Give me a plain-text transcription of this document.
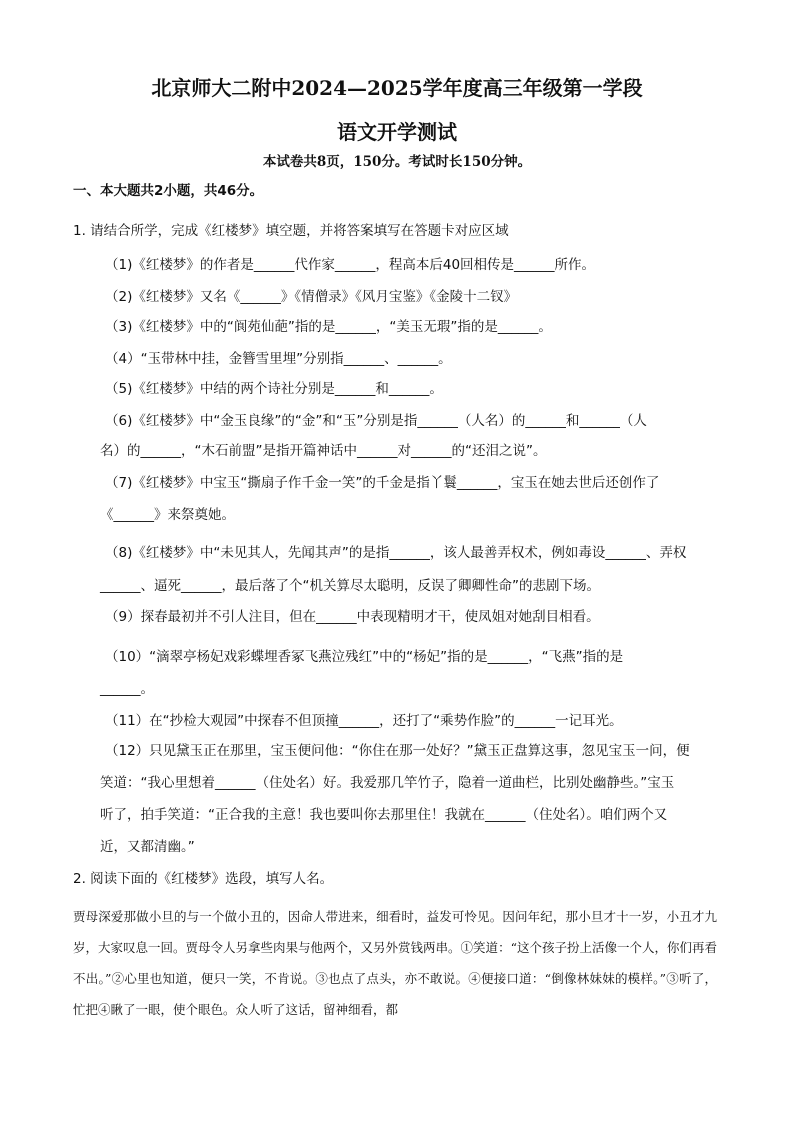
北京师大二附中2024—2025学年度高三年级第一学段
语文开学测试
本试卷共8页，150分。考试时长150分钟。
一、本大题共2小题，共46分。
1. 请结合所学，完成《红楼梦》填空题，并将答案填写在答题卡对应区域
（1)《红楼梦》的作者是______代作家______，程高本后40回相传是______所作。
（2)《红楼梦》又名《______》《情僧录》《风月宝鉴》《金陵十二钗》
（3)《红楼梦》中的“阆苑仙葩”指的是______，“美玉无瑕”指的是______。
（4）“玉带林中挂，金簪雪里埋”分别指______、______。
（5)《红楼梦》中结的两个诗社分别是______和______。
（6)《红楼梦》中“金玉良缘”的“金”和“玉”分别是指______（人名）的______和______（人
名）的______，“木石前盟”是指开篇神话中______对______的“还泪之说”。
（7)《红楼梦》中宝玉“撕扇子作千金一笑”的千金是指丫鬟______，宝玉在她去世后还创作了
《______》来祭奠她。
（8)《红楼梦》中“未见其人，先闻其声”的是指______，该人最善弄权术，例如毒设______、弄权
______、逼死______，最后落了个“机关算尽太聪明，反误了卿卿性命”的悲剧下场。
（9）探春最初并不引人注目，但在______中表现精明才干，使凤姐对她刮目相看。
（10）“滴翠亭杨妃戏彩蝶埋香冢飞燕泣残红”中的“杨妃”指的是______，“飞燕”指的是
______。
（11）在“抄检大观园”中探春不但顶撞______，还打了“乘势作脸”的______一记耳光。
（12）只见黛玉正在那里，宝玉便问他：“你住在那一处好？”黛玉正盘算这事，忽见宝玉一问，便
笑道：“我心里想着______（住处名）好。我爱那几竿竹子，隐着一道曲栏，比别处幽静些。”宝玉
听了，拍手笑道：“正合我的主意！我也要叫你去那里住！我就在______（住处名）。咱们两个又
近，又都清幽。”
2. 阅读下面的《红楼梦》选段，填写人名。
贾母深爱那做小旦的与一个做小丑的，因命人带进来，细看时，益发可怜见。因问年纪，那小旦才十一岁，小丑才九岁，大家叹息一回。贾母令人另拿些肉果与他两个，又另外赏钱两串。①笑道：“这个孩子扮上活像一个人，你们再看不出。”②心里也知道，便只一笑，不肯说。③也点了点头，亦不敢说。④便接口道：“倒像林妹妹的模样。”③听了，忙把④瞅了一眼，使个眼色。众人听了这话，留神细看，都
